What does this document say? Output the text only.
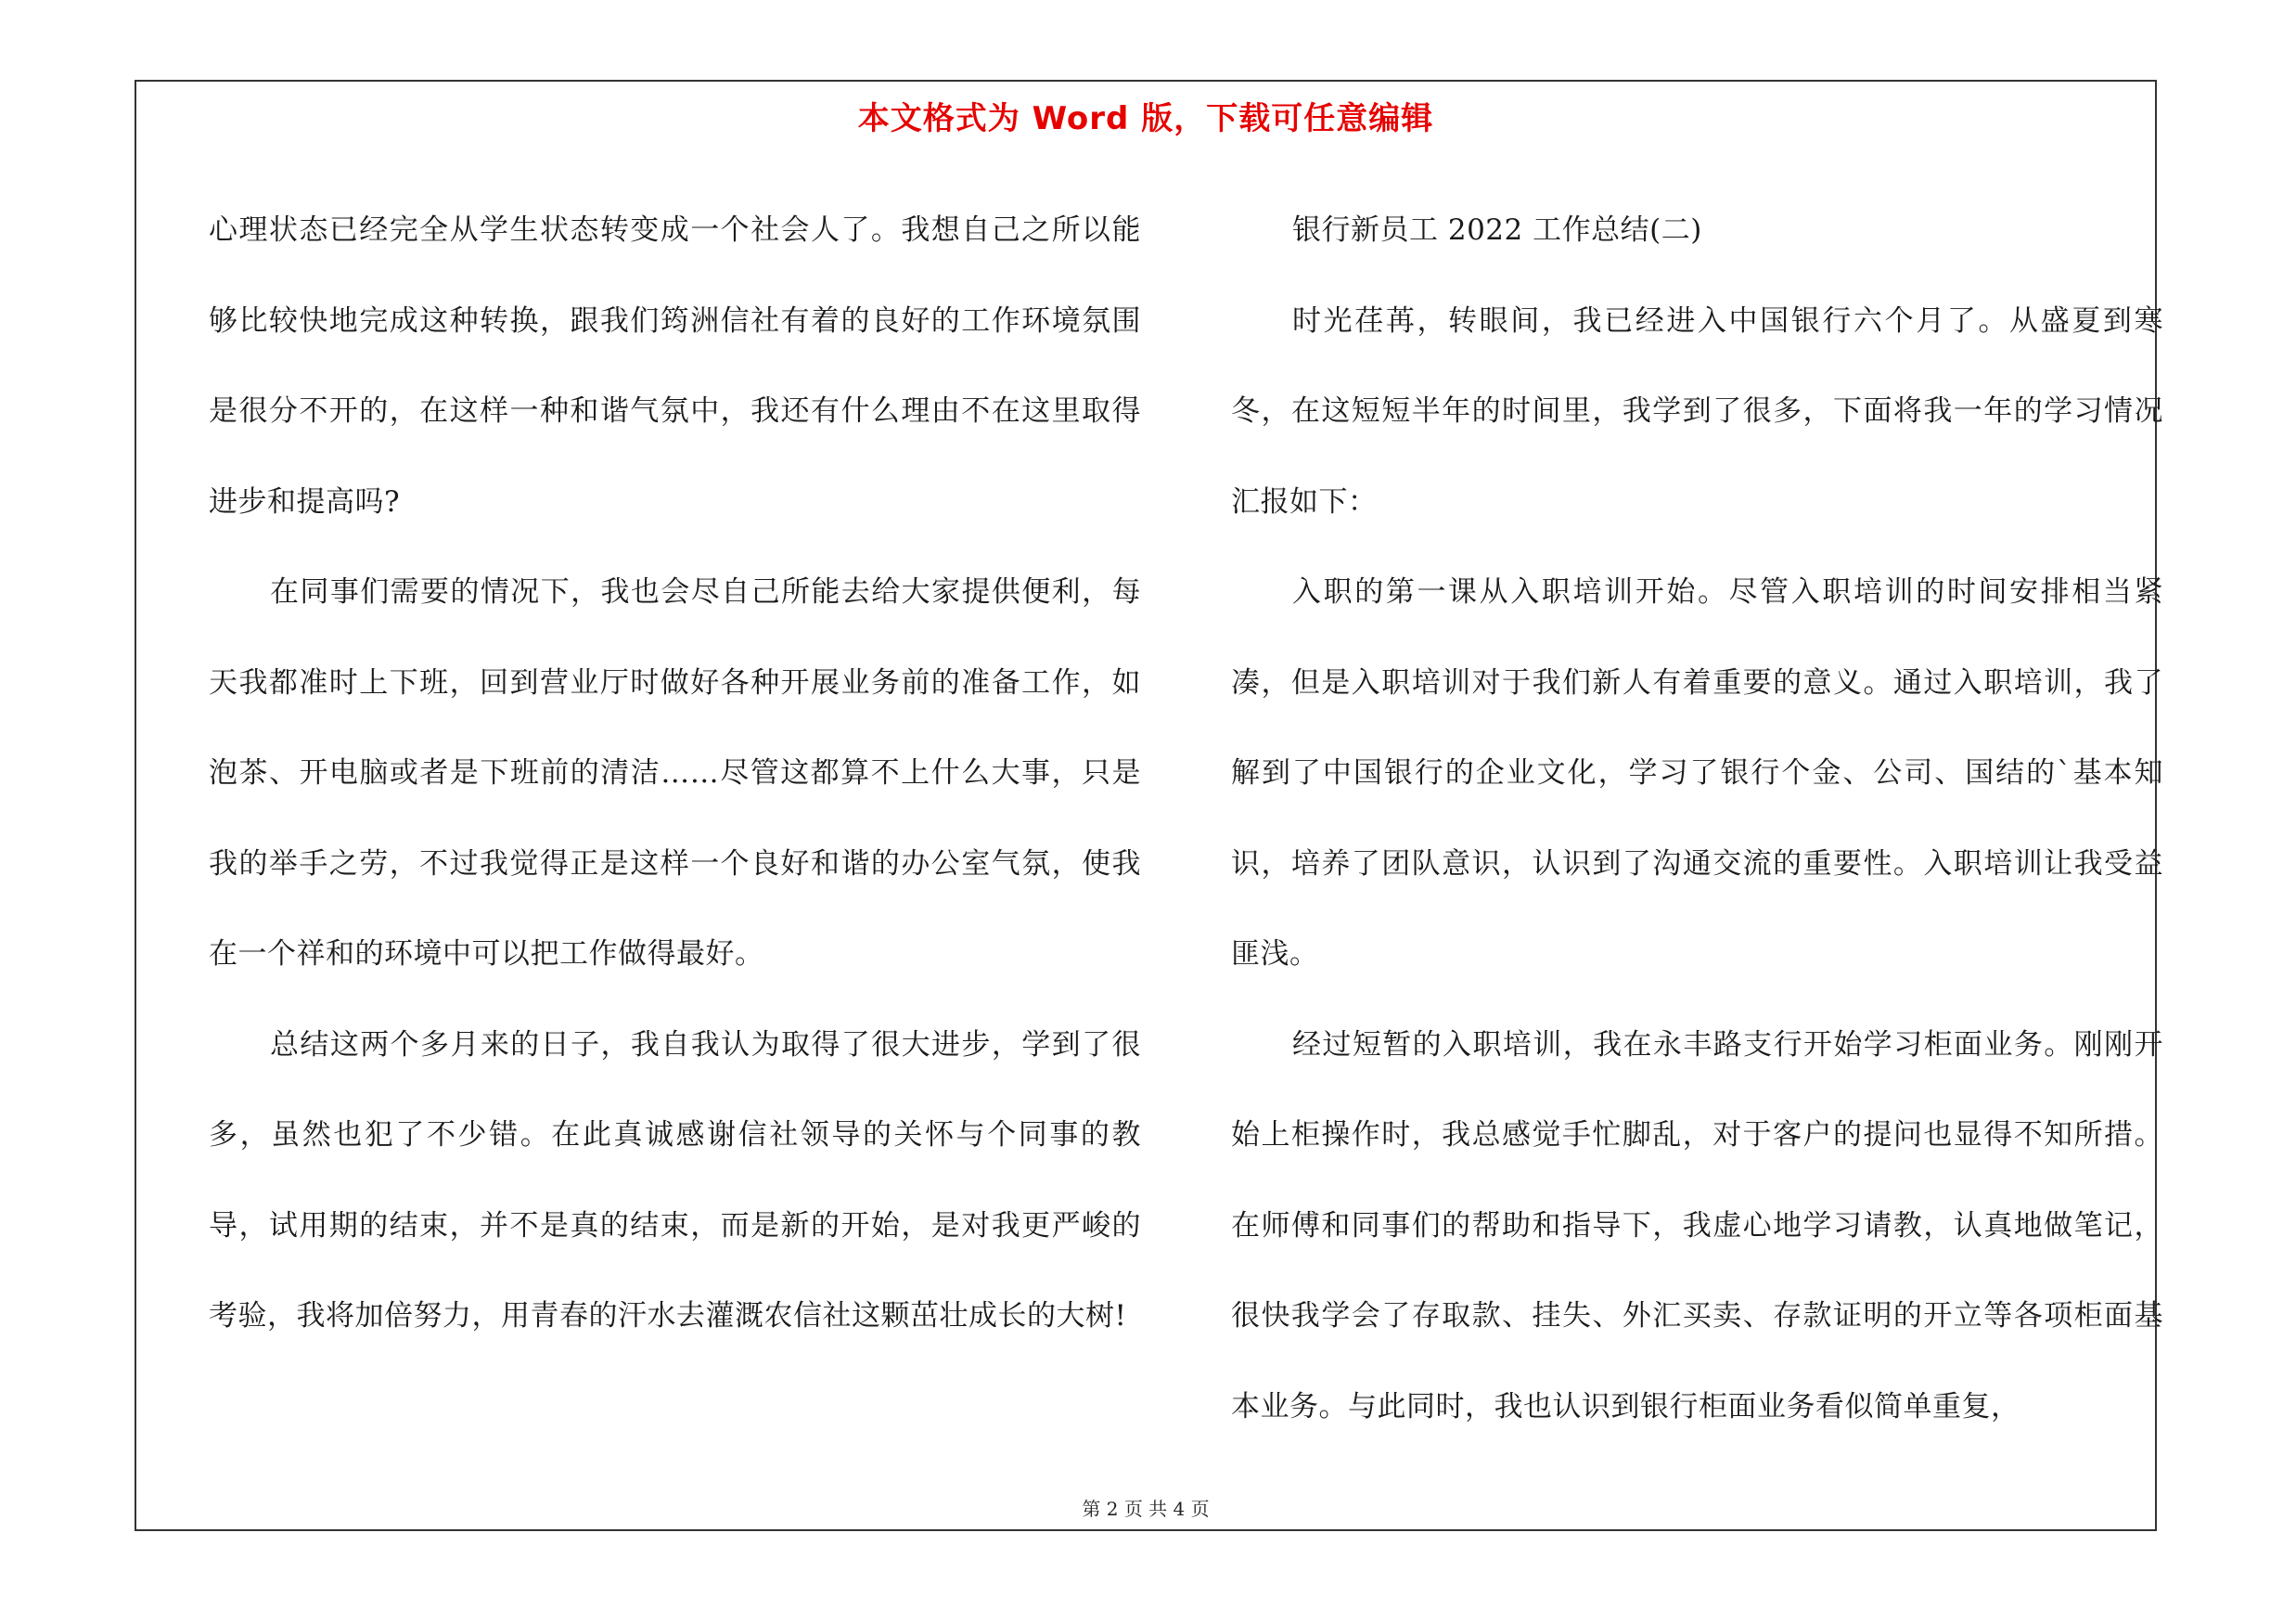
本文格式为 Word 版，下载可任意编辑

心理状态已经完全从学生状态转变成一个社会人了。我想自己之所以能够比较快地完成这种转换，跟我们筠洲信社有着的良好的工作环境氛围是很分不开的，在这样一种和谐气氛中，我还有什么理由不在这里取得进步和提高吗?

在同事们需要的情况下，我也会尽自己所能去给大家提供便利，每天我都准时上下班，回到营业厅时做好各种开展业务前的准备工作，如泡茶、开电脑或者是下班前的清洁……尽管这都算不上什么大事，只是我的举手之劳，不过我觉得正是这样一个良好和谐的办公室气氛，使我在一个祥和的环境中可以把工作做得最好。

总结这两个多月来的日子，我自我认为取得了很大进步，学到了很多，虽然也犯了不少错。在此真诚感谢信社领导的关怀与个同事的教导，试用期的结束，并不是真的结束，而是新的开始，是对我更严峻的考验，我将加倍努力，用青春的汗水去灌溉农信社这颗茁壮成长的大树!

银行新员工 2022 工作总结(二)

时光荏苒，转眼间，我已经进入中国银行六个月了。从盛夏到寒冬，在这短短半年的时间里，我学到了很多，下面将我一年的学习情况汇报如下：

入职的第一课从入职培训开始。尽管入职培训的时间安排相当紧凑，但是入职培训对于我们新人有着重要的意义。通过入职培训，我了解到了中国银行的企业文化，学习了银行个金、公司、国结的`基本知识，培养了团队意识，认识到了沟通交流的重要性。入职培训让我受益匪浅。

经过短暂的入职培训，我在永丰路支行开始学习柜面业务。刚刚开始上柜操作时，我总感觉手忙脚乱，对于客户的提问也显得不知所措。在师傅和同事们的帮助和指导下，我虚心地学习请教，认真地做笔记，很快我学会了存取款、挂失、外汇买卖、存款证明的开立等各项柜面基本业务。与此同时，我也认识到银行柜面业务看似简单重复，

第 2 页 共 4 页
